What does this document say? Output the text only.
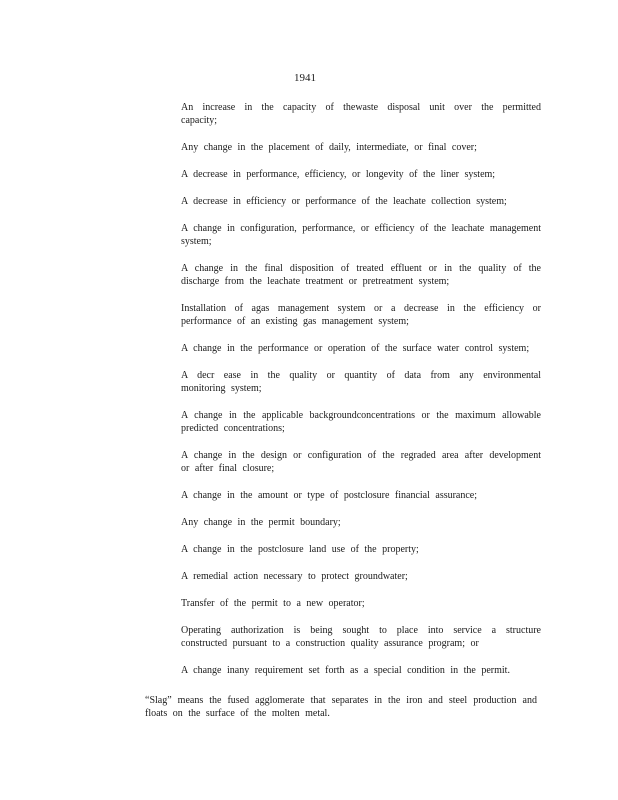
1941

An increase in the capacity of thewaste disposal unit over the permitted capacity;

Any change in the placement of daily, intermediate, or final cover;

A decrease in performance, efficiency, or longevity of the liner system;

A decrease in efficiency or performance of the leachate collection system;

A change in configuration, performance, or efficiency of the leachate management system;

A change in the final disposition of treated effluent or in the quality of the discharge from the leachate treatment or pretreatment system;

Installation of agas management system or a decrease in the efficiency or performance of an existing gas management system;

A change in the performance or operation of the surface water control system;

A decr ease in the quality or quantity of data from any environmental monitoring system;

A change in the applicable backgroundconcentrations or the maximum allowable predicted concentrations;

A change in the design or configuration of the regraded area after development or after final closure;

A change in the amount or type of postclosure financial assurance;

Any change in the permit boundary;

A change in the postclosure land use of the property;

A remedial action necessary to protect groundwater;

Transfer of the permit to a new operator;

Operating authorization is being sought to place into service a structure constructed pursuant to a construction quality assurance program; or

A change inany requirement set forth as a special condition in the permit.

“Slag” means the fused agglomerate that separates in the iron and steel production and floats on the surface of the molten metal.
